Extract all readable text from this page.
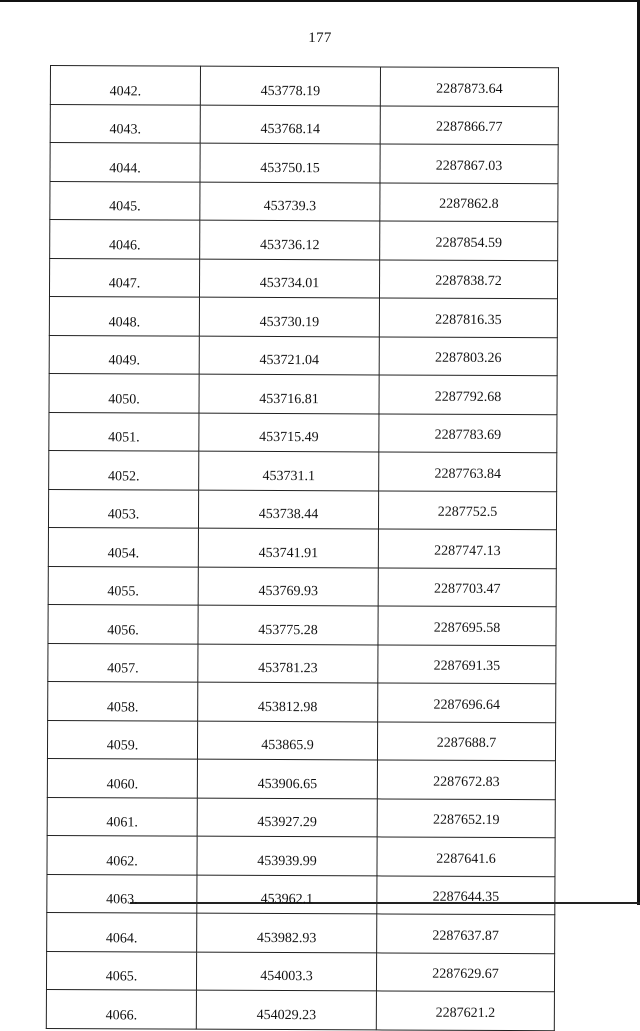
177
4042.	453778.19	2287873.64
4043.	453768.14	2287866.77
4044.	453750.15	2287867.03
4045.	453739.3	2287862.8
4046.	453736.12	2287854.59
4047.	453734.01	2287838.72
4048.	453730.19	2287816.35
4049.	453721.04	2287803.26
4050.	453716.81	2287792.68
4051.	453715.49	2287783.69
4052.	453731.1	2287763.84
4053.	453738.44	2287752.5
4054.	453741.91	2287747.13
4055.	453769.93	2287703.47
4056.	453775.28	2287695.58
4057.	453781.23	2287691.35
4058.	453812.98	2287696.64
4059.	453865.9	2287688.7
4060.	453906.65	2287672.83
4061.	453927.29	2287652.19
4062.	453939.99	2287641.6
4063.	453962.1	2287644.35
4064.	453982.93	2287637.87
4065.	454003.3	2287629.67
4066.	454029.23	2287621.2
